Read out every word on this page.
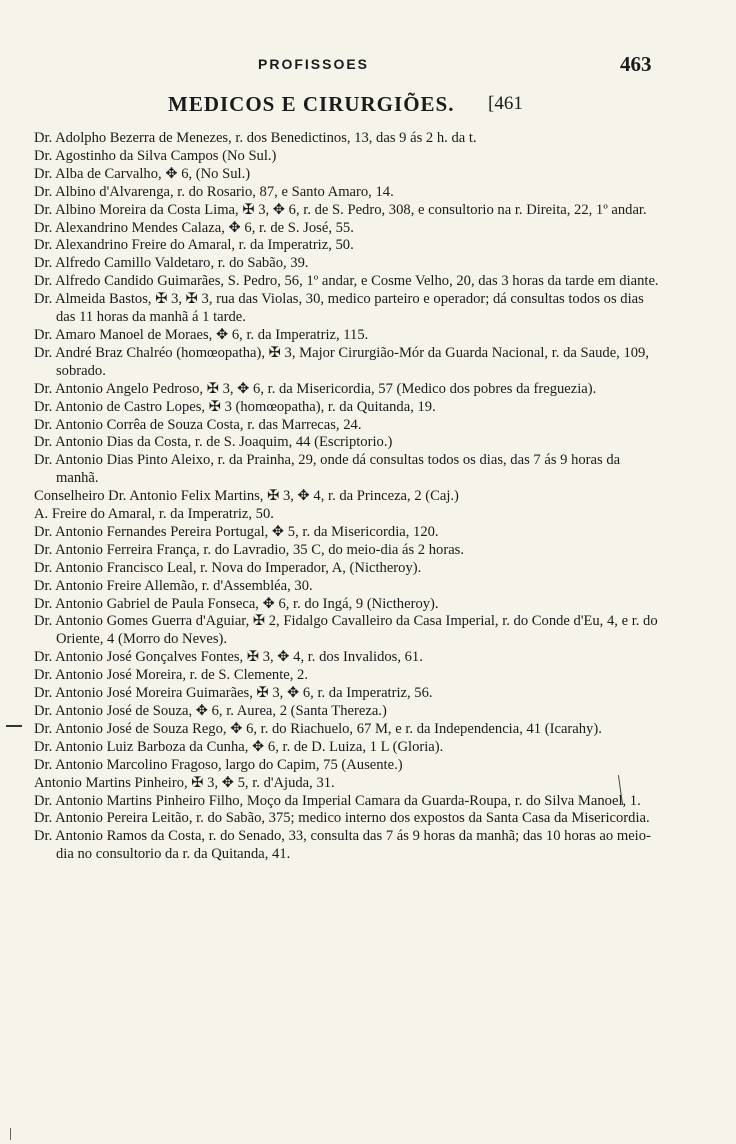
PROFISSOES	463
MEDICOS E CIRURGIÕES. [461
Dr. Adolpho Bezerra de Menezes, r. dos Benedictinos, 13, das 9 ás 2 h. da t.
Dr. Agostinho da Silva Campos (No Sul.)
Dr. Alba de Carvalho, ✥ 6, (No Sul.)
Dr. Albino d'Alvarenga, r. do Rosario, 87, e Santo Amaro, 14.
Dr. Albino Moreira da Costa Lima, ✠ 3, ✥ 6, r. de S. Pedro, 308, e consultorio na r. Direita, 22, 1º andar.
Dr. Alexandrino Mendes Calaza, ✥ 6, r. de S. José, 55.
Dr. Alexandrino Freire do Amaral, r. da Imperatriz, 50.
Dr. Alfredo Camillo Valdetaro, r. do Sabão, 39.
Dr. Alfredo Candido Guimarães, S. Pedro, 56, 1º andar, e Cosme Velho, 20, das 3 horas da tarde em diante.
Dr. Almeida Bastos, ✠ 3, ✠ 3, rua das Violas, 30, medico parteiro e operador; dá consultas todos os dias das 11 horas da manhã á 1 tarde.
Dr. Amaro Manoel de Moraes, ✥ 6, r. da Imperatriz, 115.
Dr. André Braz Chalréo (homœopatha), ✠ 3, Major Cirurgião-Mór da Guarda Nacional, r. da Saude, 109, sobrado.
Dr. Antonio Angelo Pedroso, ✠ 3, ✥ 6, r. da Misericordia, 57 (Medico dos pobres da freguezia).
Dr. Antonio de Castro Lopes, ✠ 3 (homœopatha), r. da Quitanda, 19.
Dr. Antonio Corrêa de Souza Costa, r. das Marrecas, 24.
Dr. Antonio Dias da Costa, r. de S. Joaquim, 44 (Escriptorio.)
Dr. Antonio Dias Pinto Aleixo, r. da Prainha, 29, onde dá consultas todos os dias, das 7 ás 9 horas da manhã.
Conselheiro Dr. Antonio Felix Martins, ✠ 3, ✥ 4, r. da Princeza, 2 (Caj.)
A. Freire do Amaral, r. da Imperatriz, 50.
Dr. Antonio Fernandes Pereira Portugal, ✥ 5, r. da Misericordia, 120.
Dr. Antonio Ferreira França, r. do Lavradio, 35 C, do meio-dia ás 2 horas.
Dr. Antonio Francisco Leal, r. Nova do Imperador, A, (Nictheroy).
Dr. Antonio Freire Allemão, r. d'Assembléa, 30.
Dr. Antonio Gabriel de Paula Fonseca, ✥ 6, r. do Ingá, 9 (Nictheroy).
Dr. Antonio Gomes Guerra d'Aguiar, ✠ 2, Fidalgo Cavalleiro da Casa Imperial, r. do Conde d'Eu, 4, e r. do Oriente, 4 (Morro do Neves).
Dr. Antonio José Gonçalves Fontes, ✠ 3, ✥ 4, r. dos Invalidos, 61.
Dr. Antonio José Moreira, r. de S. Clemente, 2.
Dr. Antonio José Moreira Guimarães, ✠ 3, ✥ 6, r. da Imperatriz, 56.
Dr. Antonio José de Souza, ✥ 6, r. Aurea, 2 (Santa Thereza.)
Dr. Antonio José de Souza Rego, ✥ 6, r. do Riachuelo, 67 M, e r. da Independencia, 41 (Icarahy).
Dr. Antonio Luiz Barboza da Cunha, ✥ 6, r. de D. Luiza, 1 L (Gloria).
Dr. Antonio Marcolino Fragoso, largo do Capim, 75 (Ausente.)
Antonio Martins Pinheiro, ✠ 3, ✥ 5, r. d'Ajuda, 31.
Dr. Antonio Martins Pinheiro Filho, Moço da Imperial Camara da Guarda-Roupa, r. do Silva Manoel, 1.
Dr. Antonio Pereira Leitão, r. do Sabão, 375; medico interno dos expostos da Santa Casa da Misericordia.
Dr. Antonio Ramos da Costa, r. do Senado, 33, consulta das 7 ás 9 horas da manhã; das 10 horas ao meio-dia no consultorio da r. da Quitanda, 41.
